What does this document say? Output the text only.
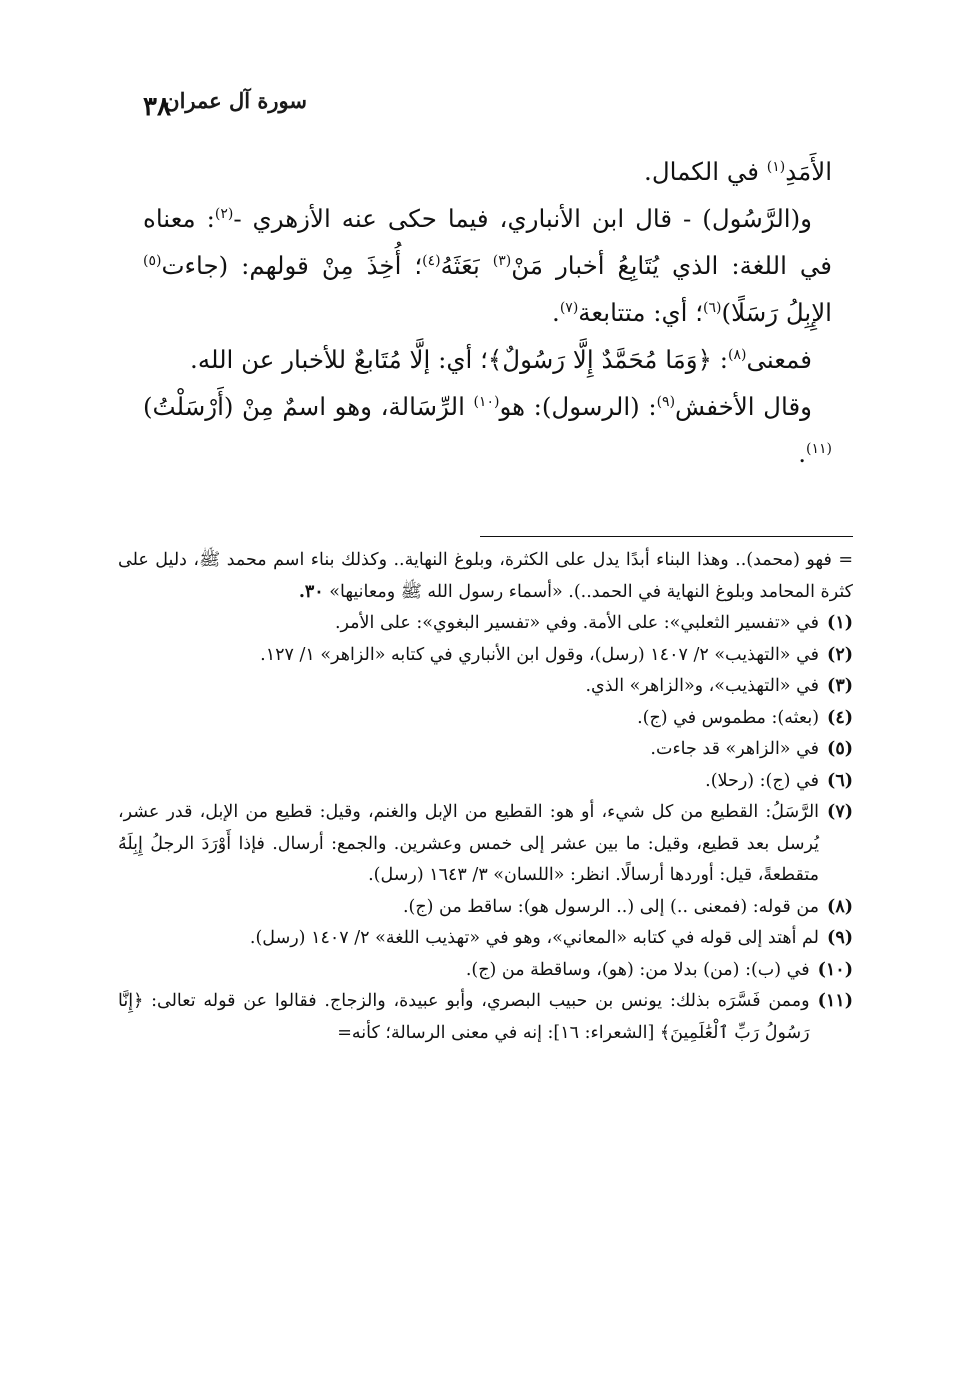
سورة آل عمران
٣٨

الأَمَدِ$^{(١)}$ في الكمال.

و(الرَّسُول) - قال ابن الأنباري، فيما حكى عنه الأزهري -$^{(٢)}$: معناه في اللغة: الذي يُتَابِعُ أخبار مَنْ$^{(٣)}$ بَعَثَهُ$^{(٤)}$؛ أُخِذَ مِنْ قولهم: (جاءت$^{(٥)}$ الإِبِلُ رَسَلًا)$^{(٦)}$؛ أي: متتابعة$^{(٧)}$.

فمعنى$^{(٨)}$: ﴿وَمَا مُحَمَّدٌ إِلَّا رَسُولٌ﴾؛ أي: إلَّا مُتَابعٌ للأخبار عن الله.

وقال الأخفش$^{(٩)}$: (الرسول): هو$^{(١٠)}$ الرِّسَالة، وهو اسمٌ مِنْ (أَرْسَلْتُ)$^{(١١)}$.

= فهو (محمد).. وهذا البناء أبدًا يدل على الكثرة، وبلوغ النهاية.. وكذلك بناء اسم محمد ﷺ، دليل على كثرة المحامد وبلوغ النهاية في الحمد..). «أسماء رسول الله ﷺ ومعانيها» ٣٠.

(١)
في «تفسير الثعلبي»: على الأمة. وفي «تفسير البغوي»: على الأمر.
(٢)
في «التهذيب» ٢/ ١٤٠٧ (رسل)، وقول ابن الأنباري في كتابه «الزاهر» ١/ ١٢٧.
(٣)
في «التهذيب»، و«الزاهر» الذي.
(٤)
(بعثه): مطموس في (ج).
(٥)
في «الزاهر» قد جاءت.
(٦)
في (ج): (رحلا).
(٧)
الرَّسَلُ: القطيع من كل شيء، أو هو: القطيع من الإبل والغنم، وقيل: قطيع من الإبل، قدر عشر، يُرسل بعد قطيع، وقيل: ما بين عشر إلى خمس وعشرين. والجمع: أرسال. فإذا أَوْرَدَ الرجلُ إِبِلَهُ متقطعةً، قيل: أوردها أرسالًا. انظر: «اللسان» ٣/ ١٦٤٣ (رسل).
(٨)
من قوله: (فمعنى ..) إلى (.. الرسول هو): ساقط من (ج).
(٩)
لم أهتد إلى قوله في كتابه «المعاني»، وهو في «تهذيب اللغة» ٢/ ١٤٠٧ (رسل).
(١٠)
في (ب): (من) بدلا من: (هو)، وساقطة من (ج).
(١١)
وممن فَسَّرَه بذلك: يونس بن حبيب البصري، وأبو عبيدة، والزجاج. فقالوا عن قوله تعالى: ﴿إِنَّا رَسُولُ رَبِّ ٱلْعَٰلَمِينَ﴾ [الشعراء: ١٦]: إنه في معنى الرسالة؛ كأنه=
